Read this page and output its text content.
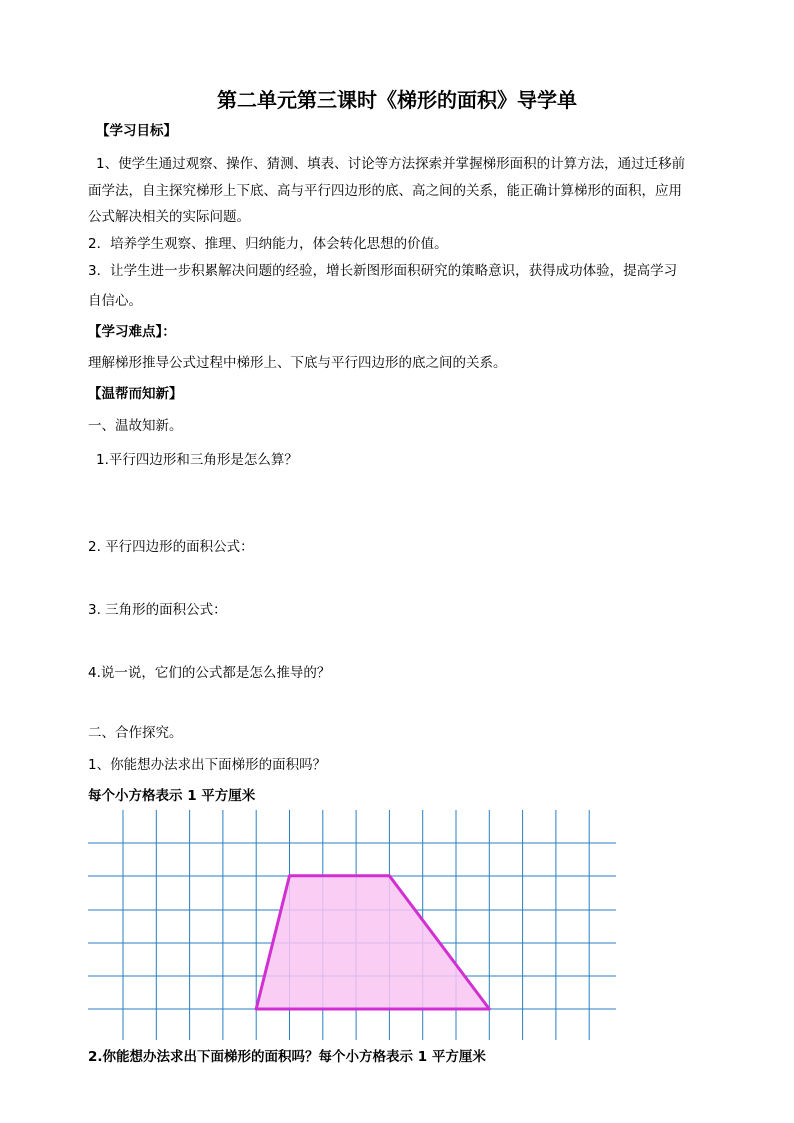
第二单元第三课时《梯形的面积》导学单
【学习目标】
1、使学生通过观察、操作、猜测、填表、讨论等方法探索并掌握梯形面积的计算方法，通过迁移前
面学法，自主探究梯形上下底、高与平行四边形的底、高之间的关系，能正确计算梯形的面积，应用
公式解决相关的实际问题。
2．培养学生观察、推理、归纳能力，体会转化思想的价值。
3．让学生进一步积累解决问题的经验，增长新图形面积研究的策略意识，获得成功体验，提高学习
自信心。
【学习难点】：
理解梯形推导公式过程中梯形上、下底与平行四边形的底之间的关系。
【温帮而知新】
一、温故知新。
1.平行四边形和三角形是怎么算？
2. 平行四边形的面积公式：
3. 三角形的面积公式：
4.说一说，它们的公式都是怎么推导的？
二、合作探究。
1、你能想办法求出下面梯形的面积吗？
每个小方格表示 1 平方厘米
2.你能想办法求出下面梯形的面积吗？每个小方格表示 1 平方厘米
